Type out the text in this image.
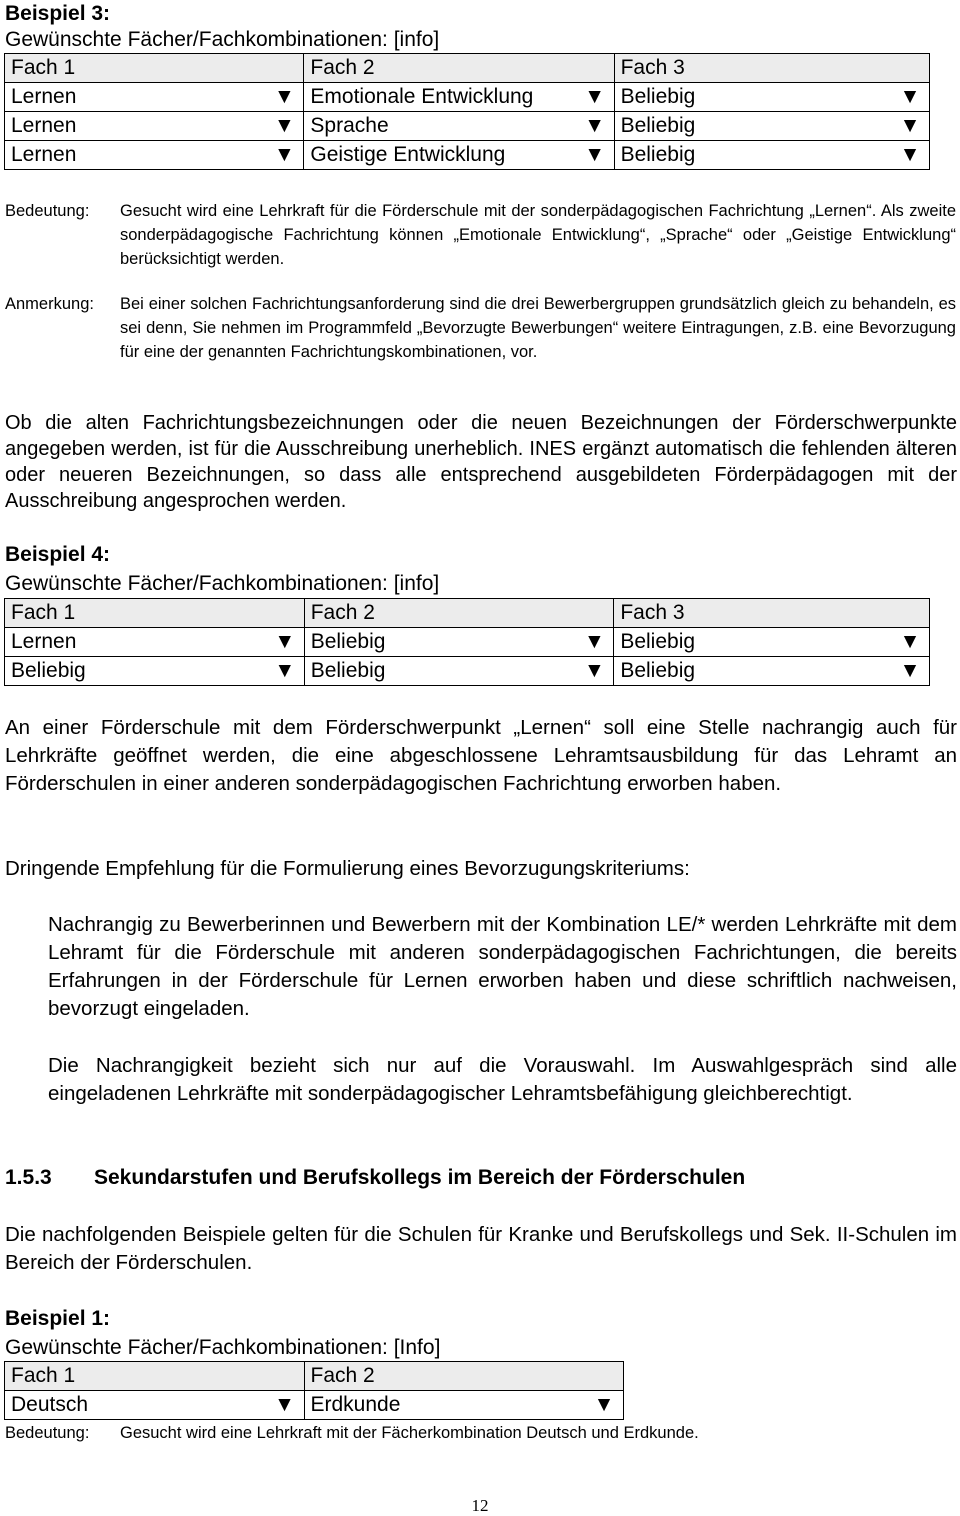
Beispiel 3:
Gewünschte Fächer/Fachkombinationen: [info]
Fach 1		Fach 2		Fach 3	
Lernen	▼	Emotionale Entwicklung	▼	Beliebig	▼
Lernen	▼	Sprache	▼	Beliebig	▼
Lernen	▼	Geistige Entwicklung	▼	Beliebig	▼
Bedeutung: Gesucht wird eine Lehrkraft für die Förderschule mit der sonderpädagogischen Fachrichtung „Lernen“. Als zweite sonderpädagogische Fachrichtung können „Emotionale Entwicklung“, „Sprache“ oder „Geistige Entwicklung“ berücksichtigt werden.
Anmerkung: Bei einer solchen Fachrichtungsanforderung sind die drei Bewerbergruppen grundsätzlich gleich zu behandeln, es sei denn, Sie nehmen im Programmfeld „Bevorzugte Bewerbungen“ weitere Eintragungen, z.B. eine Bevorzugung für eine der genannten Fachrichtungskombinationen, vor.
Ob die alten Fachrichtungsbezeichnungen oder die neuen Bezeichnungen der Förderschwerpunkte angegeben werden, ist für die Ausschreibung unerheblich. INES ergänzt automatisch die fehlenden älteren oder neueren Bezeichnungen, so dass alle entsprechend ausgebildeten Förderpädagogen mit der Ausschreibung angesprochen werden.
Beispiel 4:
Gewünschte Fächer/Fachkombinationen: [info]
Fach 1		Fach 2		Fach 3	
Lernen	▼	Beliebig	▼	Beliebig	▼
Beliebig	▼	Beliebig	▼	Beliebig	▼
An einer Förderschule mit dem Förderschwerpunkt „Lernen“ soll eine Stelle nachrangig auch für Lehrkräfte geöffnet werden, die eine abgeschlossene Lehramtsausbildung für das Lehramt an Förderschulen in einer anderen sonderpädagogischen Fachrichtung erworben haben.
Dringende Empfehlung für die Formulierung eines Bevorzugungskriteriums:
Nachrangig zu Bewerberinnen und Bewerbern mit der Kombination LE/* werden Lehrkräfte mit dem Lehramt für die Förderschule mit anderen sonderpädagogischen Fachrichtungen, die bereits Erfahrungen in der Förderschule für Lernen erworben haben und diese schriftlich nachweisen, bevorzugt eingeladen.
Die Nachrangigkeit bezieht sich nur auf die Vorauswahl. Im Auswahlgespräch sind alle eingeladenen Lehrkräfte mit sonderpädagogischer Lehramtsbefähigung gleichberechtigt.
1.5.3 Sekundarstufen und Berufskollegs im Bereich der Förderschulen
Die nachfolgenden Beispiele gelten für die Schulen für Kranke und Berufskollegs und Sek. II-Schulen im Bereich der Förderschulen.
Beispiel 1:
Gewünschte Fächer/Fachkombinationen: [Info]
Fach 1		Fach 2	
Deutsch	▼	Erdkunde	▼
Bedeutung: Gesucht wird eine Lehrkraft mit der Fächerkombination Deutsch und Erdkunde.
12
